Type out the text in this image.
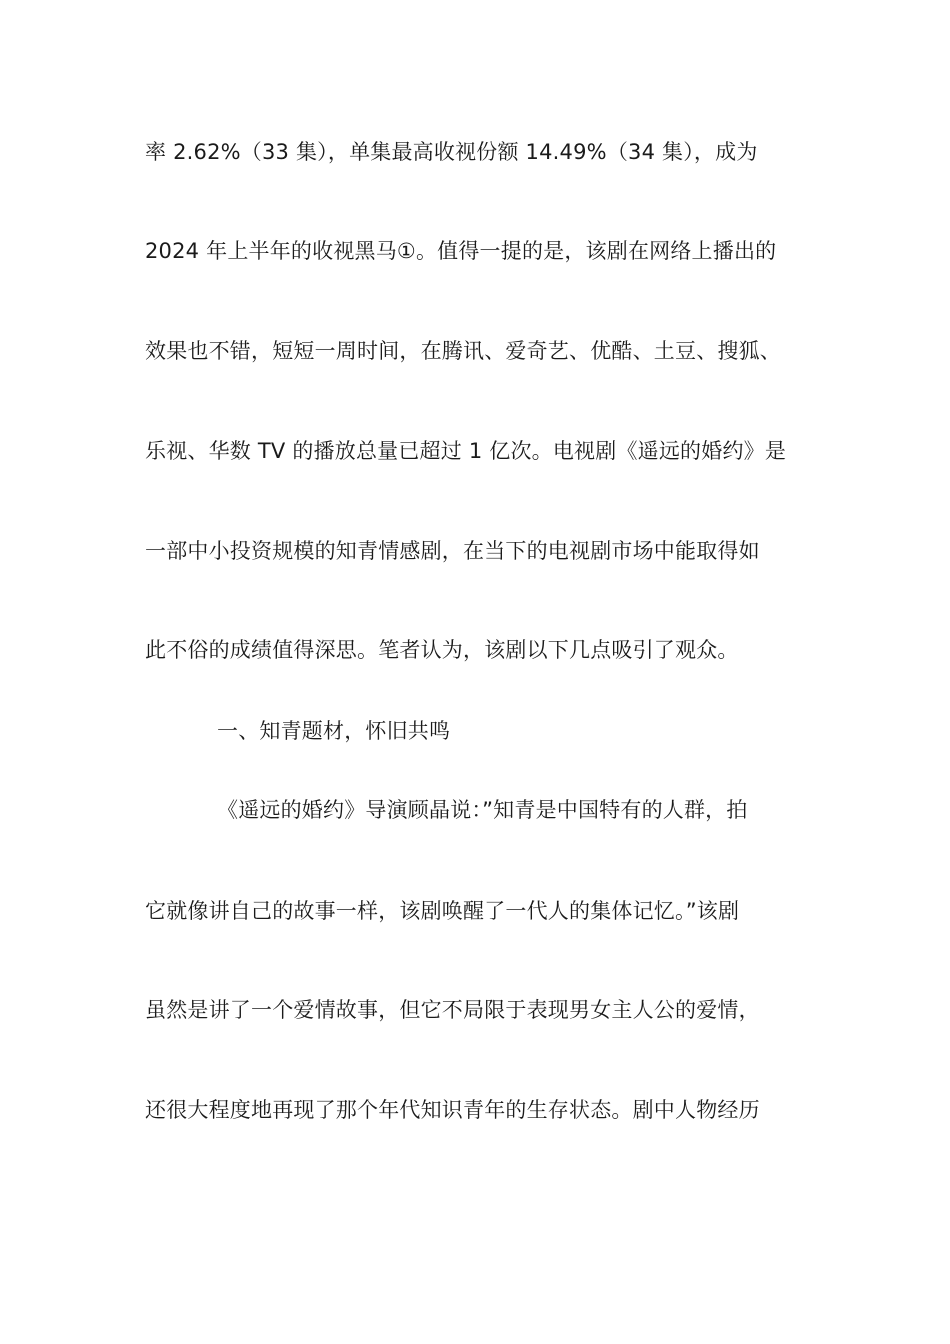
率 2.62%（33 集），单集最高收视份额 14.49%（34 集），成为
2024 年上半年的收视黑马①。值得一提的是，该剧在网络上播出的
效果也不错，短短一周时间，在腾讯、爱奇艺、优酷、土豆、搜狐、
乐视、华数 TV 的播放总量已超过 1 亿次。电视剧《遥远的婚约》是
一部中小投资规模的知青情感剧，在当下的电视剧市场中能取得如
此不俗的成绩值得深思。笔者认为，该剧以下几点吸引了观众。
一、知青题材，怀旧共鸣
《遥远的婚约》导演顾晶说：”知青是中国特有的人群，拍
它就像讲自己的故事一样，该剧唤醒了一代人的集体记忆。”该剧
虽然是讲了一个爱情故事，但它不局限于表现男女主人公的爱情，
还很大程度地再现了那个年代知识青年的生存状态。剧中人物经历
